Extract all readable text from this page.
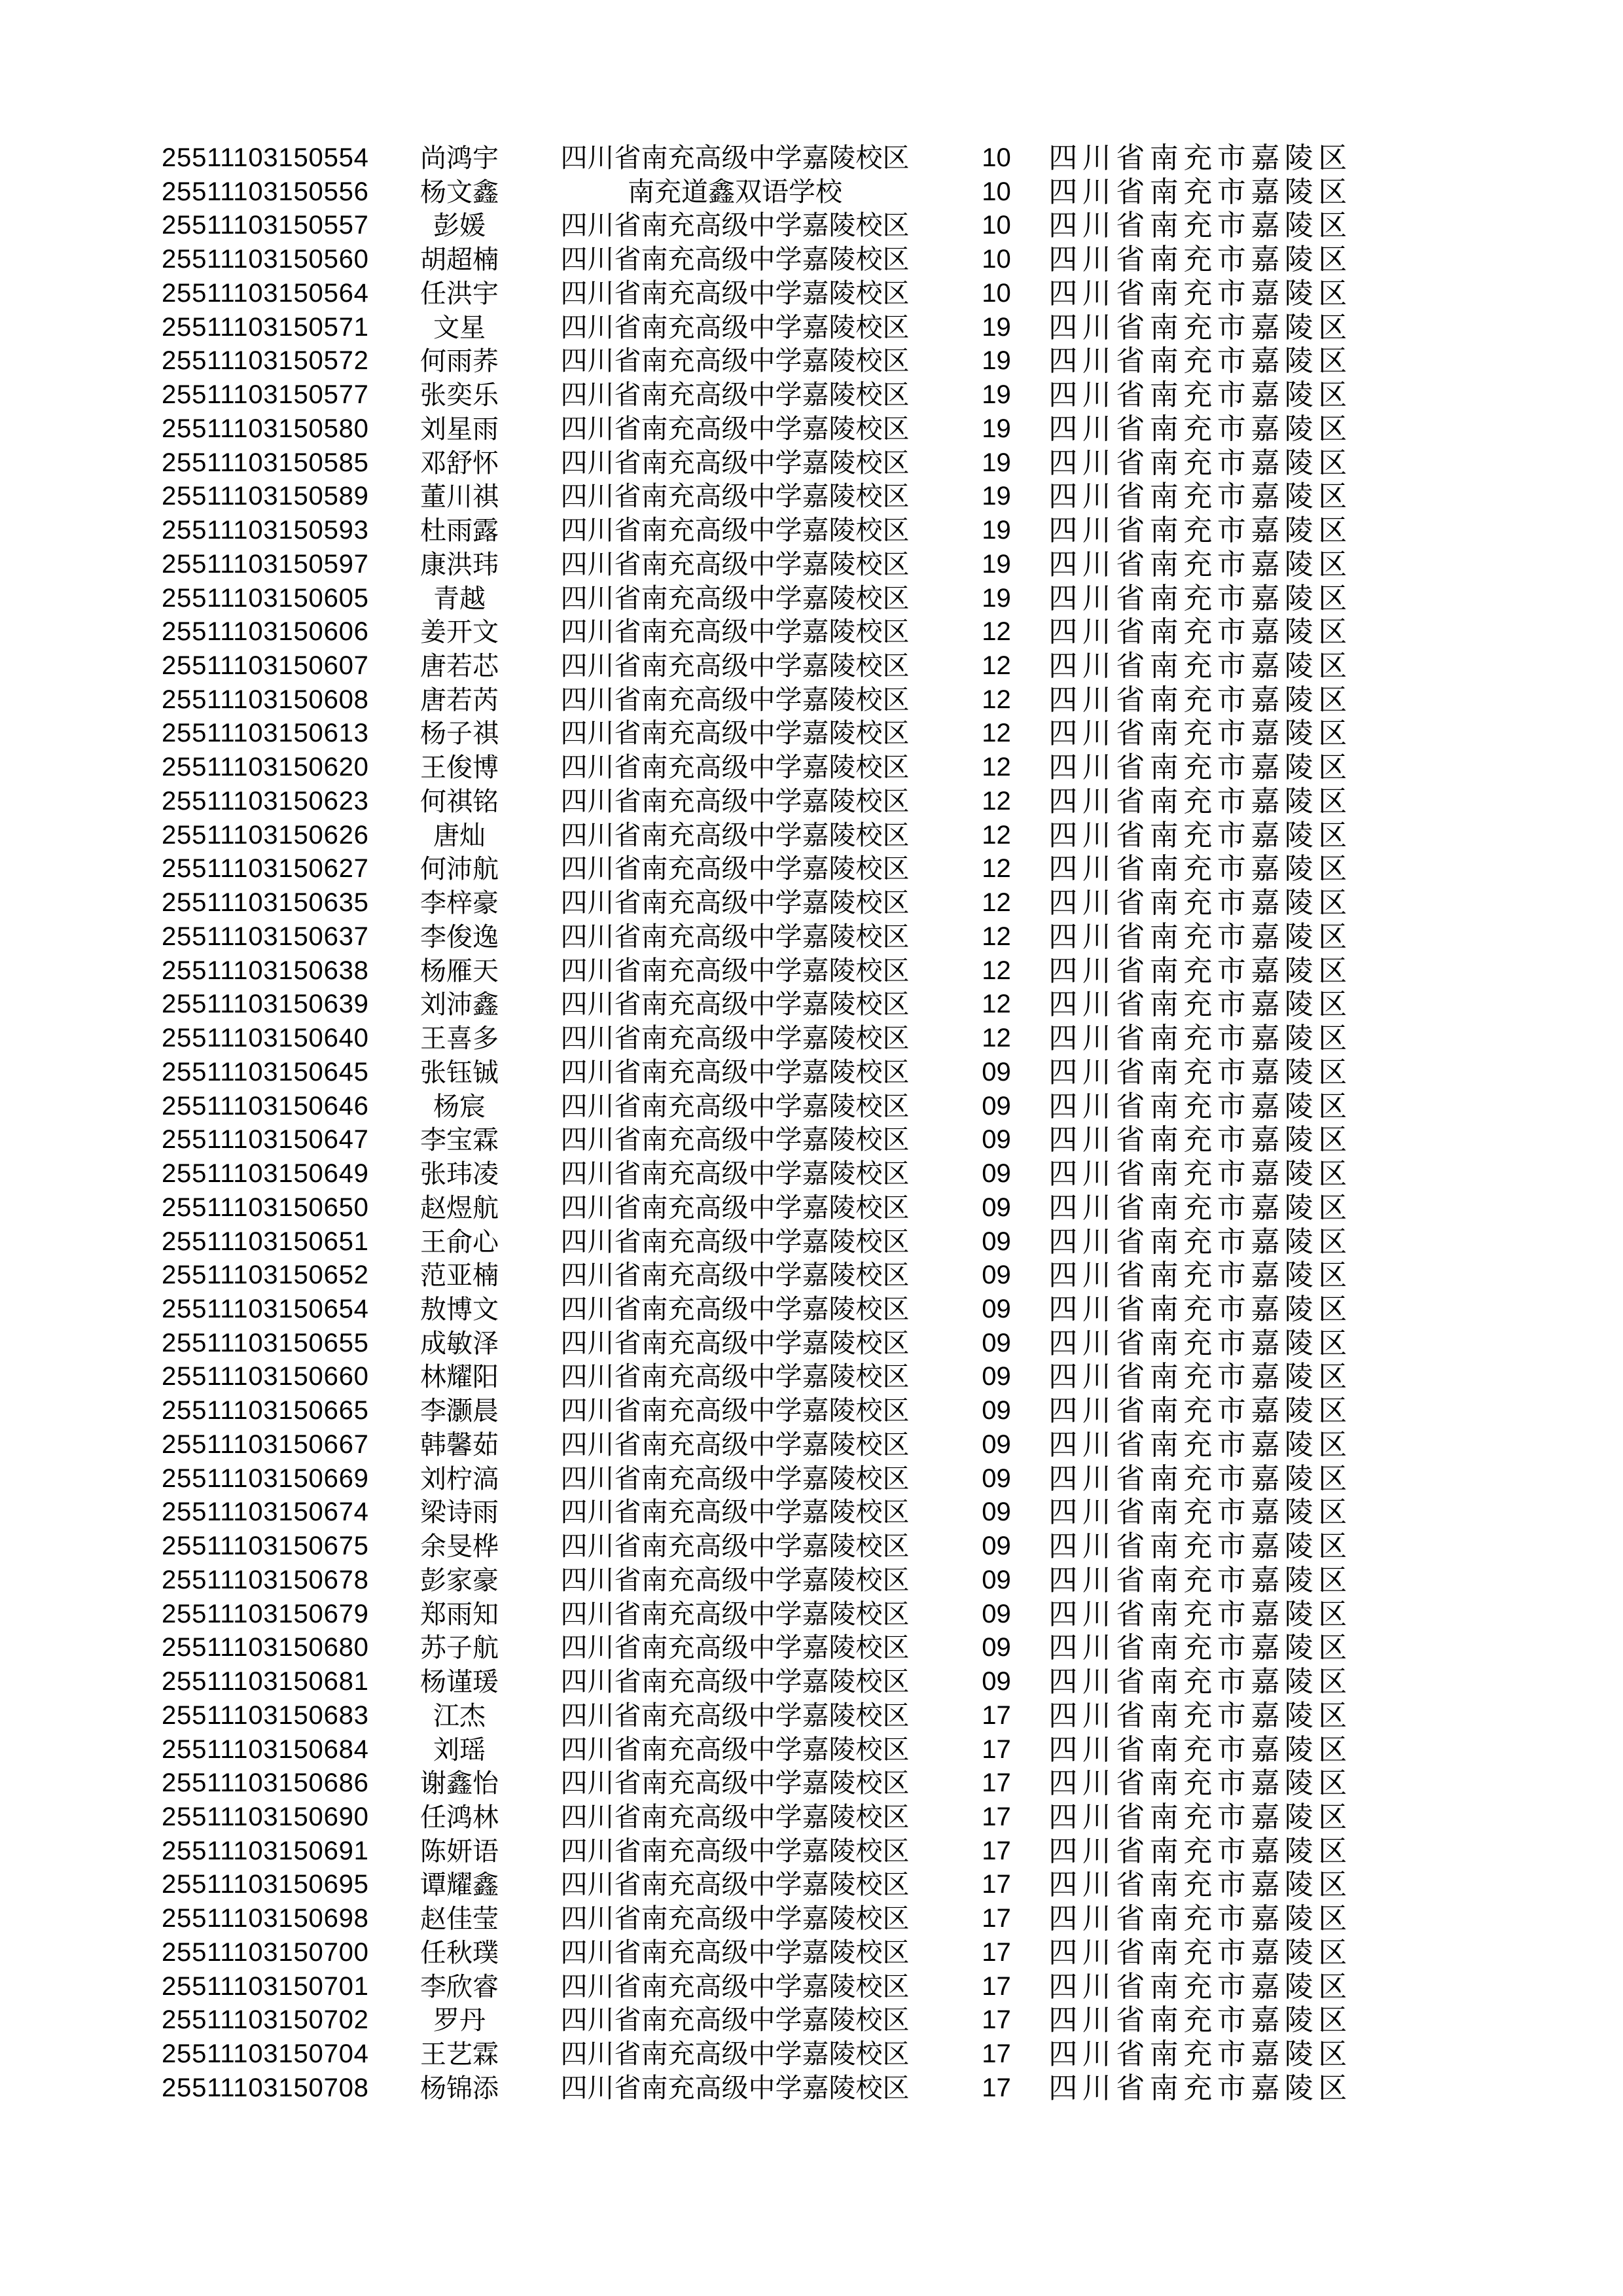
25511103150554	尚鸿宇	四川省南充高级中学嘉陵校区	10	四川省南充市嘉陵区
25511103150556	杨文鑫	南充道鑫双语学校	10	四川省南充市嘉陵区
25511103150557	彭媛	四川省南充高级中学嘉陵校区	10	四川省南充市嘉陵区
25511103150560	胡超楠	四川省南充高级中学嘉陵校区	10	四川省南充市嘉陵区
25511103150564	任洪宇	四川省南充高级中学嘉陵校区	10	四川省南充市嘉陵区
25511103150571	文星	四川省南充高级中学嘉陵校区	19	四川省南充市嘉陵区
25511103150572	何雨荞	四川省南充高级中学嘉陵校区	19	四川省南充市嘉陵区
25511103150577	张奕乐	四川省南充高级中学嘉陵校区	19	四川省南充市嘉陵区
25511103150580	刘星雨	四川省南充高级中学嘉陵校区	19	四川省南充市嘉陵区
25511103150585	邓舒怀	四川省南充高级中学嘉陵校区	19	四川省南充市嘉陵区
25511103150589	董川祺	四川省南充高级中学嘉陵校区	19	四川省南充市嘉陵区
25511103150593	杜雨露	四川省南充高级中学嘉陵校区	19	四川省南充市嘉陵区
25511103150597	康洪玮	四川省南充高级中学嘉陵校区	19	四川省南充市嘉陵区
25511103150605	青越	四川省南充高级中学嘉陵校区	19	四川省南充市嘉陵区
25511103150606	姜开文	四川省南充高级中学嘉陵校区	12	四川省南充市嘉陵区
25511103150607	唐若芯	四川省南充高级中学嘉陵校区	12	四川省南充市嘉陵区
25511103150608	唐若芮	四川省南充高级中学嘉陵校区	12	四川省南充市嘉陵区
25511103150613	杨子祺	四川省南充高级中学嘉陵校区	12	四川省南充市嘉陵区
25511103150620	王俊博	四川省南充高级中学嘉陵校区	12	四川省南充市嘉陵区
25511103150623	何祺铭	四川省南充高级中学嘉陵校区	12	四川省南充市嘉陵区
25511103150626	唐灿	四川省南充高级中学嘉陵校区	12	四川省南充市嘉陵区
25511103150627	何沛航	四川省南充高级中学嘉陵校区	12	四川省南充市嘉陵区
25511103150635	李梓豪	四川省南充高级中学嘉陵校区	12	四川省南充市嘉陵区
25511103150637	李俊逸	四川省南充高级中学嘉陵校区	12	四川省南充市嘉陵区
25511103150638	杨雁天	四川省南充高级中学嘉陵校区	12	四川省南充市嘉陵区
25511103150639	刘沛鑫	四川省南充高级中学嘉陵校区	12	四川省南充市嘉陵区
25511103150640	王喜多	四川省南充高级中学嘉陵校区	12	四川省南充市嘉陵区
25511103150645	张钰铖	四川省南充高级中学嘉陵校区	09	四川省南充市嘉陵区
25511103150646	杨宸	四川省南充高级中学嘉陵校区	09	四川省南充市嘉陵区
25511103150647	李宝霖	四川省南充高级中学嘉陵校区	09	四川省南充市嘉陵区
25511103150649	张玮凌	四川省南充高级中学嘉陵校区	09	四川省南充市嘉陵区
25511103150650	赵煜航	四川省南充高级中学嘉陵校区	09	四川省南充市嘉陵区
25511103150651	王俞心	四川省南充高级中学嘉陵校区	09	四川省南充市嘉陵区
25511103150652	范亚楠	四川省南充高级中学嘉陵校区	09	四川省南充市嘉陵区
25511103150654	敖博文	四川省南充高级中学嘉陵校区	09	四川省南充市嘉陵区
25511103150655	成敏泽	四川省南充高级中学嘉陵校区	09	四川省南充市嘉陵区
25511103150660	林耀阳	四川省南充高级中学嘉陵校区	09	四川省南充市嘉陵区
25511103150665	李灏晨	四川省南充高级中学嘉陵校区	09	四川省南充市嘉陵区
25511103150667	韩馨茹	四川省南充高级中学嘉陵校区	09	四川省南充市嘉陵区
25511103150669	刘柠滈	四川省南充高级中学嘉陵校区	09	四川省南充市嘉陵区
25511103150674	梁诗雨	四川省南充高级中学嘉陵校区	09	四川省南充市嘉陵区
25511103150675	余旻桦	四川省南充高级中学嘉陵校区	09	四川省南充市嘉陵区
25511103150678	彭家豪	四川省南充高级中学嘉陵校区	09	四川省南充市嘉陵区
25511103150679	郑雨知	四川省南充高级中学嘉陵校区	09	四川省南充市嘉陵区
25511103150680	苏子航	四川省南充高级中学嘉陵校区	09	四川省南充市嘉陵区
25511103150681	杨谨瑗	四川省南充高级中学嘉陵校区	09	四川省南充市嘉陵区
25511103150683	江杰	四川省南充高级中学嘉陵校区	17	四川省南充市嘉陵区
25511103150684	刘瑶	四川省南充高级中学嘉陵校区	17	四川省南充市嘉陵区
25511103150686	谢鑫怡	四川省南充高级中学嘉陵校区	17	四川省南充市嘉陵区
25511103150690	任鸿林	四川省南充高级中学嘉陵校区	17	四川省南充市嘉陵区
25511103150691	陈妍语	四川省南充高级中学嘉陵校区	17	四川省南充市嘉陵区
25511103150695	谭耀鑫	四川省南充高级中学嘉陵校区	17	四川省南充市嘉陵区
25511103150698	赵佳莹	四川省南充高级中学嘉陵校区	17	四川省南充市嘉陵区
25511103150700	任秋璞	四川省南充高级中学嘉陵校区	17	四川省南充市嘉陵区
25511103150701	李欣睿	四川省南充高级中学嘉陵校区	17	四川省南充市嘉陵区
25511103150702	罗丹	四川省南充高级中学嘉陵校区	17	四川省南充市嘉陵区
25511103150704	王艺霖	四川省南充高级中学嘉陵校区	17	四川省南充市嘉陵区
25511103150708	杨锦添	四川省南充高级中学嘉陵校区	17	四川省南充市嘉陵区
